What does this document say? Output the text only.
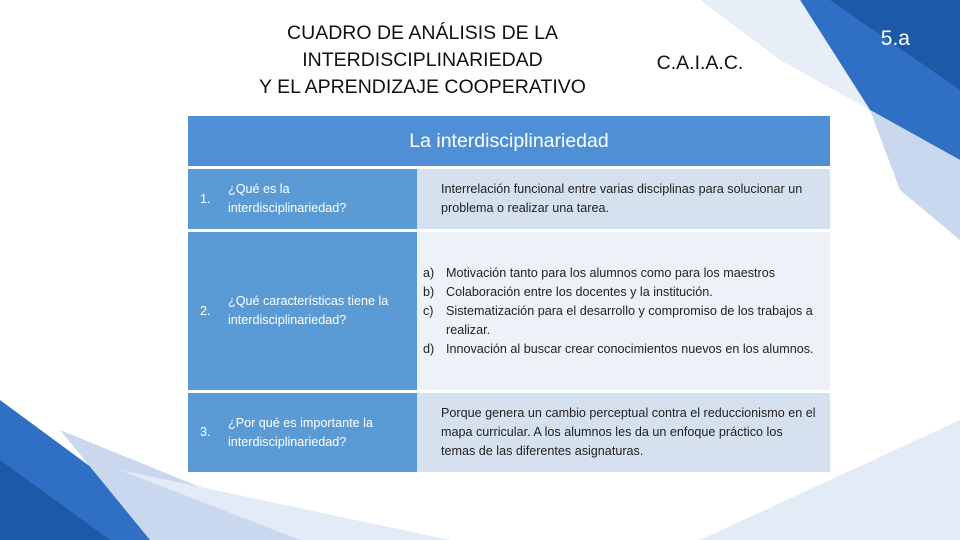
CUADRO DE ANÁLISIS DE LA
INTERDISCIPLINARIEDAD
Y EL APRENDIZAJE COOPERATIVO
C.A.I.A.C.
5.a
La interdisciplinariedad
1.
¿Qué es la interdisciplinariedad?
Interrelación funcional entre varias disciplinas para solucionar un problema o realizar una tarea.
2.
¿Qué características tiene la interdisciplinariedad?
a) Motivación tanto para los alumnos como para los maestros
b) Colaboración entre los docentes y la institución.
c) Sistematización para el desarrollo y compromiso de los trabajos a realizar.
d) Innovación al buscar crear conocimientos nuevos en los alumnos.
3.
¿Por qué es importante la interdisciplinariedad?
Porque genera un cambio perceptual contra el reduccionismo en el mapa curricular. A los alumnos les da un enfoque práctico los temas de las diferentes asignaturas.
